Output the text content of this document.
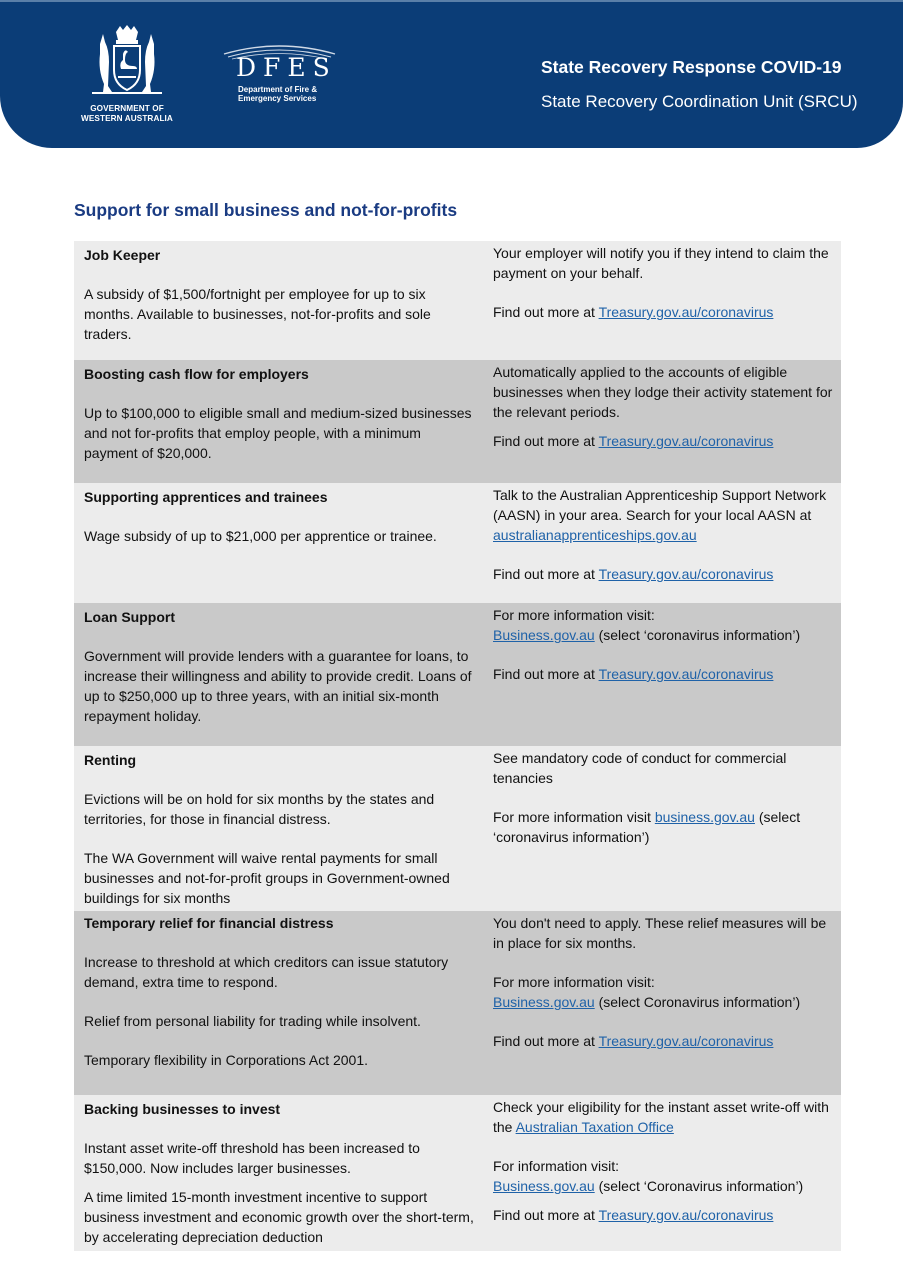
GOVERNMENT OF
WESTERN AUSTRALIA
DFES
Department of Fire &
Emergency Services
State Recovery Response COVID-19
State Recovery Coordination Unit (SRCU)
Support for small business and not-for-profits

Job Keeper

A subsidy of $1,500/fortnight per employee for up to six months. Available to businesses, not-for-profits and sole traders.

Your employer will notify you if they intend to claim the payment on your behalf.

Find out more at Treasury.gov.au/coronavirus

Boosting cash flow for employers

Up to $100,000 to eligible small and medium-sized businesses and not for-profits that employ people, with a minimum payment of $20,000.

Automatically applied to the accounts of eligible businesses when they lodge their activity statement for the relevant periods.

Find out more at Treasury.gov.au/coronavirus

Supporting apprentices and trainees

Wage subsidy of up to $21,000 per apprentice or trainee.

Talk to the Australian Apprenticeship Support Network (AASN) in your area. Search for your local AASN at australianapprenticeships.gov.au

Find out more at Treasury.gov.au/coronavirus

Loan Support

Government will provide lenders with a guarantee for loans, to increase their willingness and ability to provide credit. Loans of up to $250,000 up to three years, with an initial six-month repayment holiday.

For more information visit:

Business.gov.au (select ‘coronavirus information’)

Find out more at Treasury.gov.au/coronavirus

Renting

Evictions will be on hold for six months by the states and territories, for those in financial distress.

The WA Government will waive rental payments for small businesses and not-for-profit groups in Government-owned buildings for six months

See mandatory code of conduct for commercial tenancies

For more information visit business.gov.au (select ‘coronavirus information’)

Temporary relief for financial distress

Increase to threshold at which creditors can issue statutory demand, extra time to respond.

Relief from personal liability for trading while insolvent.

Temporary flexibility in Corporations Act 2001.

You don't need to apply. These relief measures will be in place for six months.

For more information visit:

Business.gov.au (select Coronavirus information’)

Find out more at Treasury.gov.au/coronavirus

Backing businesses to invest

Instant asset write-off threshold has been increased to $150,000. Now includes larger businesses.

A time limited 15-month investment incentive to support business investment and economic growth over the short-term, by accelerating depreciation deduction

Check your eligibility for the instant asset write-off with the Australian Taxation Office

For information visit:

Business.gov.au (select ‘Coronavirus information’)

Find out more at Treasury.gov.au/coronavirus
